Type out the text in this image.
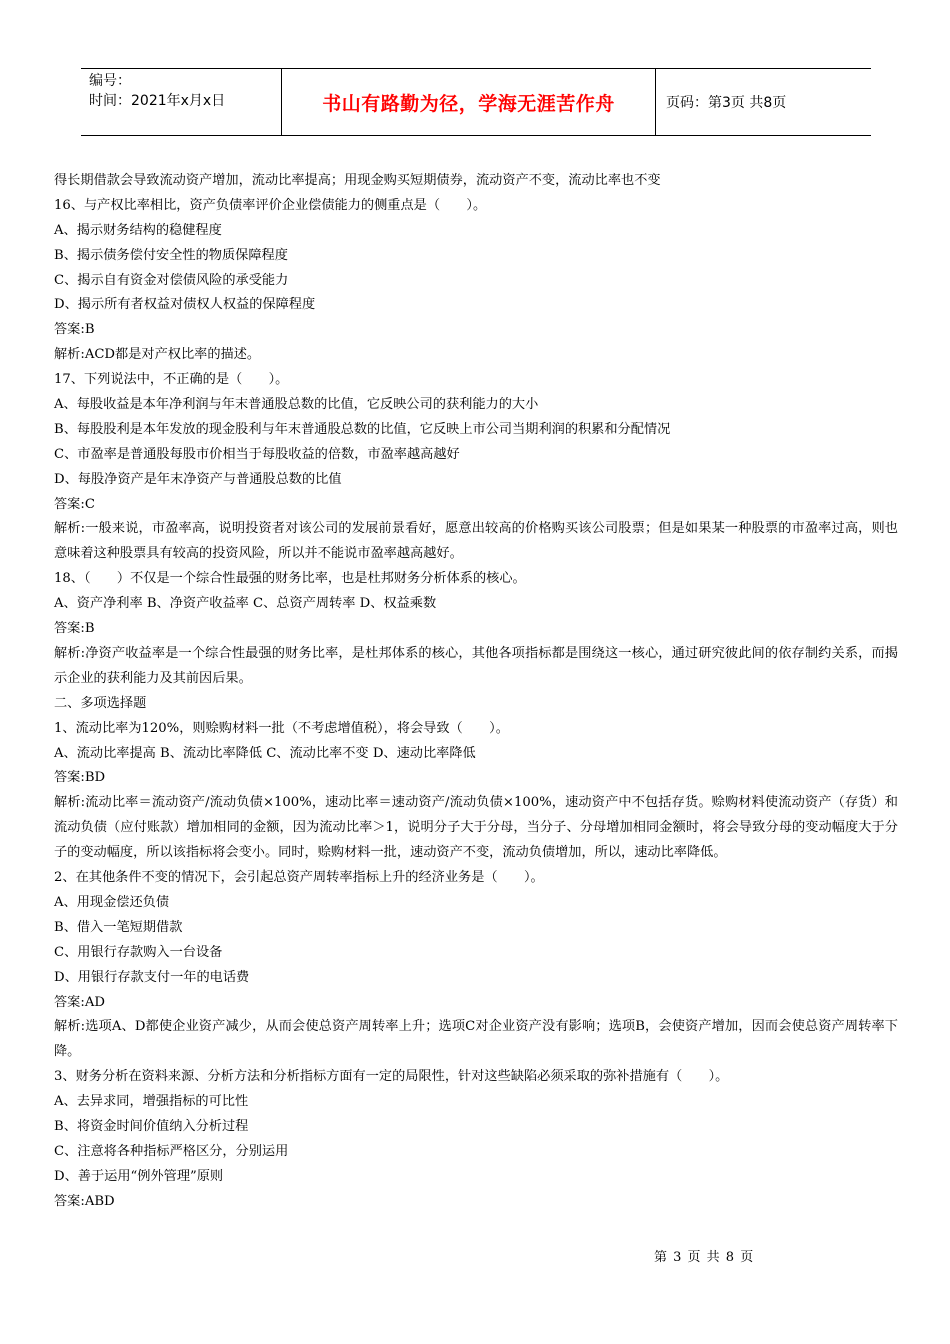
编号：
时间：2021年x月x日	书山有路勤为径，学海无涯苦作舟	页码：第3页 共8页
得长期借款会导致流动资产增加，流动比率提高；用现金购买短期债券，流动资产不变，流动比率也不变
16、与产权比率相比，资产负债率评价企业偿债能力的侧重点是（　　）。
A、揭示财务结构的稳健程度
B、揭示债务偿付安全性的物质保障程度
C、揭示自有资金对偿债风险的承受能力
D、揭示所有者权益对债权人权益的保障程度
答案:B
解析:ACD都是对产权比率的描述。
17、下列说法中，不正确的是（　　）。
A、每股收益是本年净利润与年末普通股总数的比值，它反映公司的获利能力的大小
B、每股股利是本年发放的现金股利与年末普通股总数的比值，它反映上市公司当期利润的积累和分配情况
C、市盈率是普通股每股市价相当于每股收益的倍数，市盈率越高越好
D、每股净资产是年末净资产与普通股总数的比值
答案:C
解析:一般来说，市盈率高，说明投资者对该公司的发展前景看好，愿意出较高的价格购买该公司股票；但是如果某一种股票的市盈率过高，则也意味着这种股票具有较高的投资风险，所以并不能说市盈率越高越好。
18、（　　）不仅是一个综合性最强的财务比率，也是杜邦财务分析体系的核心。
A、资产净利率 B、净资产收益率 C、总资产周转率 D、权益乘数
答案:B
解析:净资产收益率是一个综合性最强的财务比率，是杜邦体系的核心，其他各项指标都是围绕这一核心，通过研究彼此间的依存制约关系，而揭示企业的获利能力及其前因后果。
二、多项选择题
1、流动比率为120%，则赊购材料一批（不考虑增值税），将会导致（　　）。
A、流动比率提高 B、流动比率降低 C、流动比率不变 D、速动比率降低
答案:BD
解析:流动比率＝流动资产/流动负债×100%，速动比率＝速动资产/流动负债×100%，速动资产中不包括存货。赊购材料使流动资产（存货）和流动负债（应付账款）增加相同的金额，因为流动比率＞1，说明分子大于分母，当分子、分母增加相同金额时，将会导致分母的变动幅度大于分子的变动幅度，所以该指标将会变小。同时，赊购材料一批，速动资产不变，流动负债增加，所以，速动比率降低。
2、在其他条件不变的情况下，会引起总资产周转率指标上升的经济业务是（　　）。
A、用现金偿还负债
B、借入一笔短期借款
C、用银行存款购入一台设备
D、用银行存款支付一年的电话费
答案:AD
解析:选项A、D都使企业资产减少，从而会使总资产周转率上升；选项C对企业资产没有影响；选项B，会使资产增加，因而会使总资产周转率下降。
3、财务分析在资料来源、分析方法和分析指标方面有一定的局限性，针对这些缺陷必须采取的弥补措施有（　　）。
A、去异求同，增强指标的可比性
B、将资金时间价值纳入分析过程
C、注意将各种指标严格区分，分别运用
D、善于运用“例外管理”原则
答案:ABD
第 3 页 共 8 页
